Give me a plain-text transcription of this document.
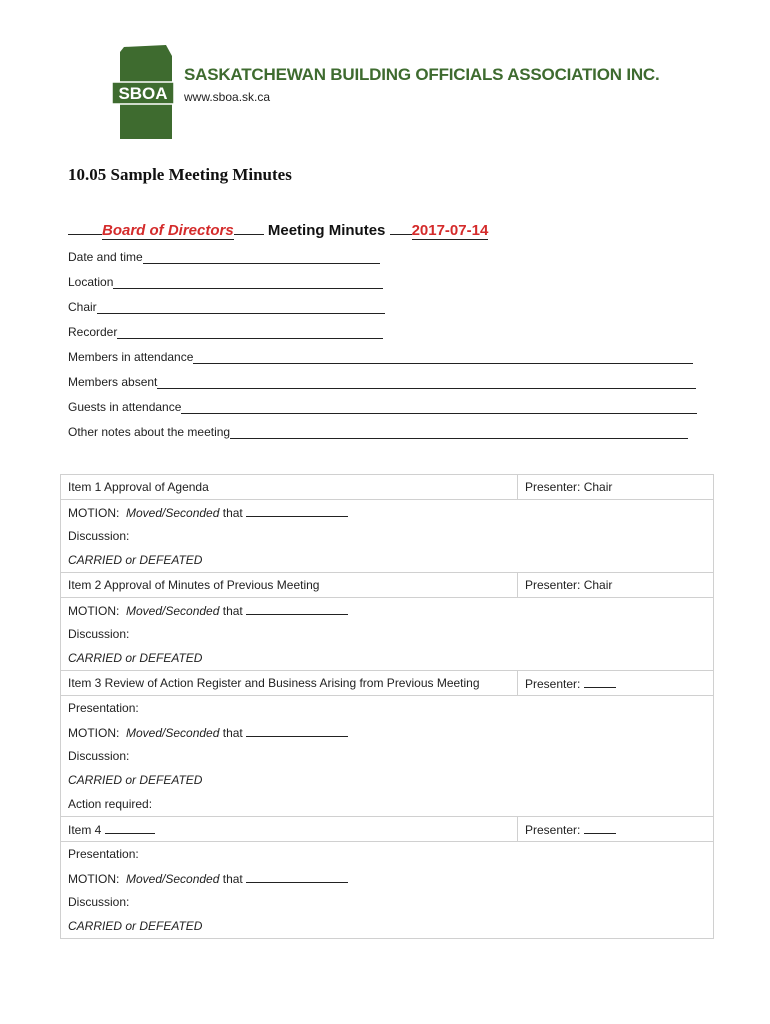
SBOA
SASKATCHEWAN BUILDING OFFICIALS ASSOCIATION INC.
www.sboa.sk.ca
10.05 Sample Meeting Minutes
Board of Directors Meeting Minutes 2017-07-14
Date and time
Location
Chair
Recorder
Members in attendance
Members absent
Guests in attendance
Other notes about the meeting
Item 1 Approval of Agenda	Presenter: Chair
MOTION: Moved/Seconded that	
Discussion:	
CARRIED or DEFEATED	
Item 2 Approval of Minutes of Previous Meeting	Presenter: Chair
MOTION: Moved/Seconded that	
Discussion:	
CARRIED or DEFEATED	
Item 3 Review of Action Register and Business Arising from Previous Meeting	Presenter:
Presentation:	
MOTION: Moved/Seconded that	
Discussion:	
CARRIED or DEFEATED	
Action required:	
Item 4	Presenter:
Presentation:	
MOTION: Moved/Seconded that	
Discussion:	
CARRIED or DEFEATED	
